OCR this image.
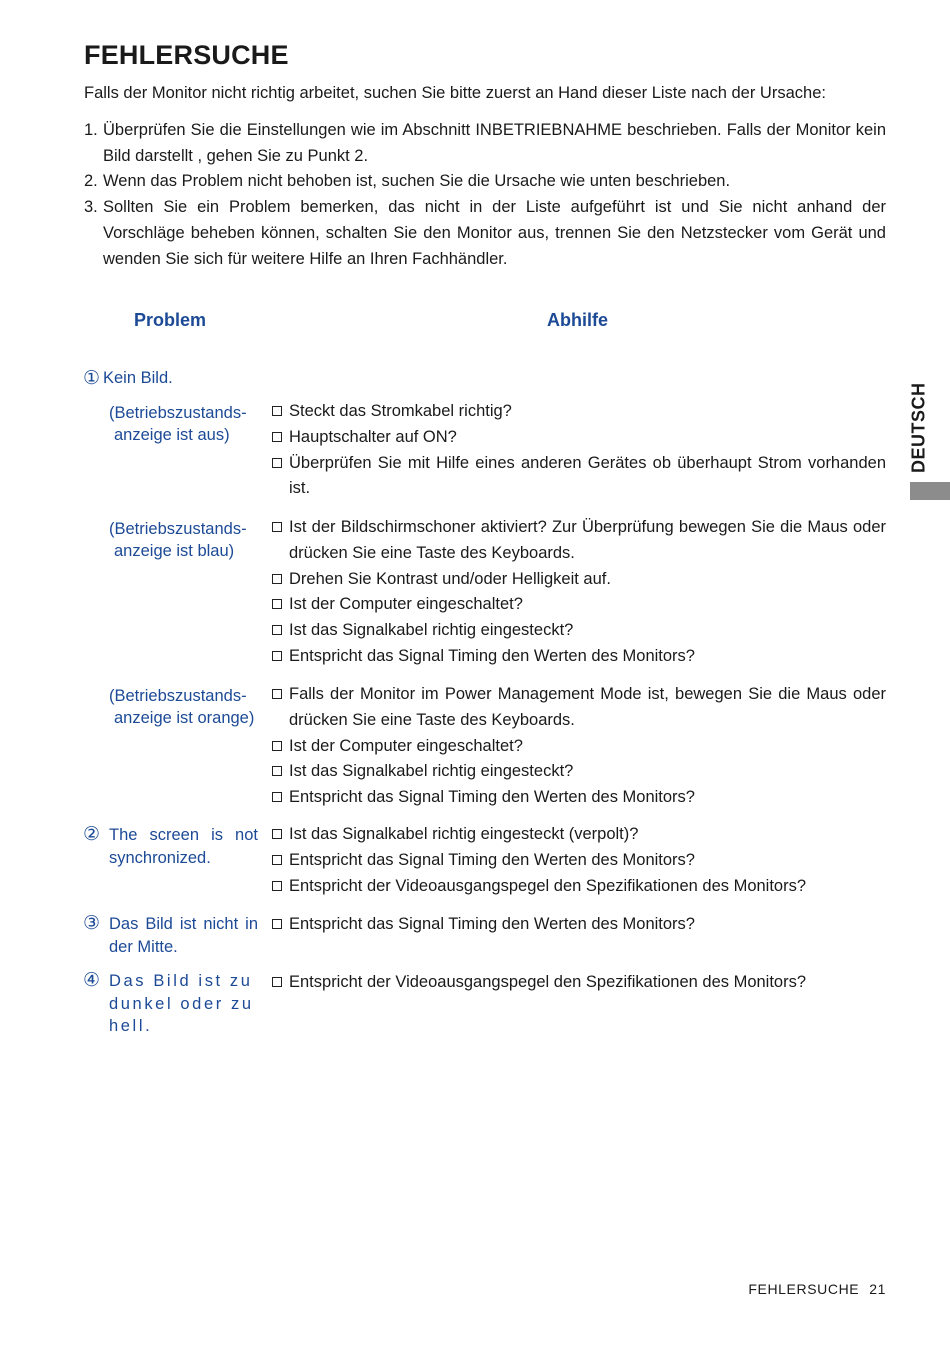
FEHLERSUCHE
Falls der Monitor nicht richtig arbeitet, suchen Sie bitte zuerst an Hand dieser Liste nach der Ursache:
1. Überprüfen Sie die Einstellungen wie im Abschnitt INBETRIEBNAHME beschrieben. Falls der Monitor kein Bild darstellt , gehen Sie zu Punkt 2.
2. Wenn das Problem nicht behoben ist, suchen Sie die Ursache wie unten beschrieben.
3. Sollten Sie ein Problem bemerken, das nicht in der Liste aufgeführt ist und Sie nicht anhand der Vorschläge beheben können, schalten Sie den Monitor aus, trennen Sie den Netzstecker vom Gerät und wenden Sie sich für weitere Hilfe an Ihren Fachhändler.
Problem	Abhilfe
① Kein Bild.
(Betriebszustands-
anzeige ist aus)
Steckt das Stromkabel richtig?
Hauptschalter auf ON?
Überprüfen Sie mit Hilfe eines anderen Gerätes ob überhaupt Strom vorhanden ist.
(Betriebszustands-
anzeige ist blau)
Ist der Bildschirmschoner aktiviert? Zur Überprüfung bewegen Sie die Maus oder drücken Sie eine Taste des Keyboards.
Drehen Sie Kontrast und/oder Helligkeit auf.
Ist der Computer eingeschaltet?
Ist das Signalkabel richtig eingesteckt?
Entspricht das Signal Timing den Werten des Monitors?
(Betriebszustands-
anzeige ist orange)
Falls der Monitor im Power Management Mode ist, bewegen Sie die Maus oder drücken Sie eine Taste des Keyboards.
Ist der Computer eingeschaltet?
Ist das Signalkabel richtig eingesteckt?
Entspricht das Signal Timing den Werten des Monitors?
② The screen is not synchronized.
Ist das Signalkabel richtig eingesteckt (verpolt)?
Entspricht das Signal Timing den Werten des Monitors?
Entspricht der Videoausgangspegel den Spezifikationen des Monitors?
③ Das Bild ist nicht in der Mitte.
Entspricht das Signal Timing den Werten des Monitors?
④ Das Bild ist zu dunkel oder zu hell.
Entspricht der Videoausgangspegel den Spezifikationen des Monitors?
DEUTSCH
FEHLERSUCHE 21
